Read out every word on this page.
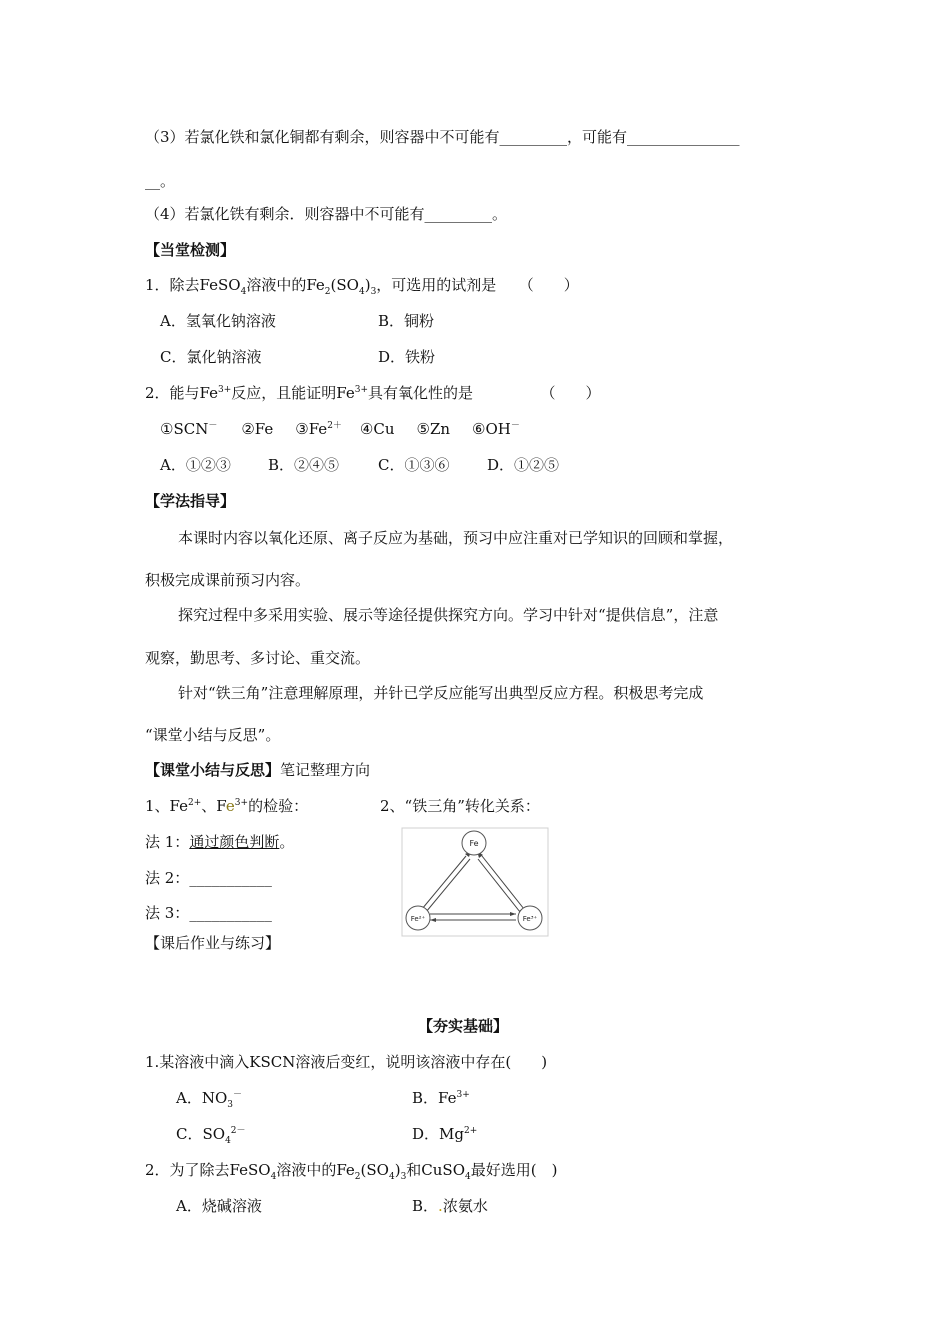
（3）若氯化铁和氯化铜都有剩余，则容器中不可能有_________，可能有_______________
__。
（4）若氯化铁有剩余．则容器中不可能有_________。
【当堂检测】
1．除去FeSO$_4$溶液中的$Fe_2(SO_4)_3$，可选用的试剂是　　（　　）
A．氢氧化钠溶液	B．铜粉
C．氯化钠溶液	D．铁粉
2．能与$Fe^{3+}$反应，且能证明$Fe^{3+}$具有氧化性的是　　　　　（　　）
①SCN－ ②Fe $③Fe^{2+}$ ④Cu ⑤Zn ⑥OH－
A．①②③ B．②④⑤	C．①③⑥	D．①②⑤
【学法指导】
本课时内容以氧化还原、离子反应为基础，预习中应注重对已学知识的回顾和掌握，
积极完成课前预习内容。
探究过程中多采用实验、展示等途径提供探究方向。学习中针对“提供信息”，注意
观察，勤思考、多讨论、重交流。
针对“铁三角”注意理解原理，并针已学反应能写出典型反应方程。积极思考完成
“课堂小结与反思”。
【课堂小结与反思】笔记整理方向
1、$Fe^{2+}$、$Fe^{3+}$的检验：	2、“铁三角”转化关系：
法 1：通过颜色判断。
法 2：___________
法 3：___________
Fe
Fe²⁺	Fe³⁺
【课后作业与练习】
【夯实基础】
1.某溶液中滴入KSCN溶液后变红，说明该溶液中存在(　　)
A．$NO_3^-$	B．$Fe^{3+}$
C．$SO_4^{2-}$	D．$Mg^{2+}$
2．为了除去FeSO$_4$溶液中的$Fe_2(SO_4)_3$和CuSO$_4$最好选用(　)
A．烧碱溶液	B．.浓氨水
